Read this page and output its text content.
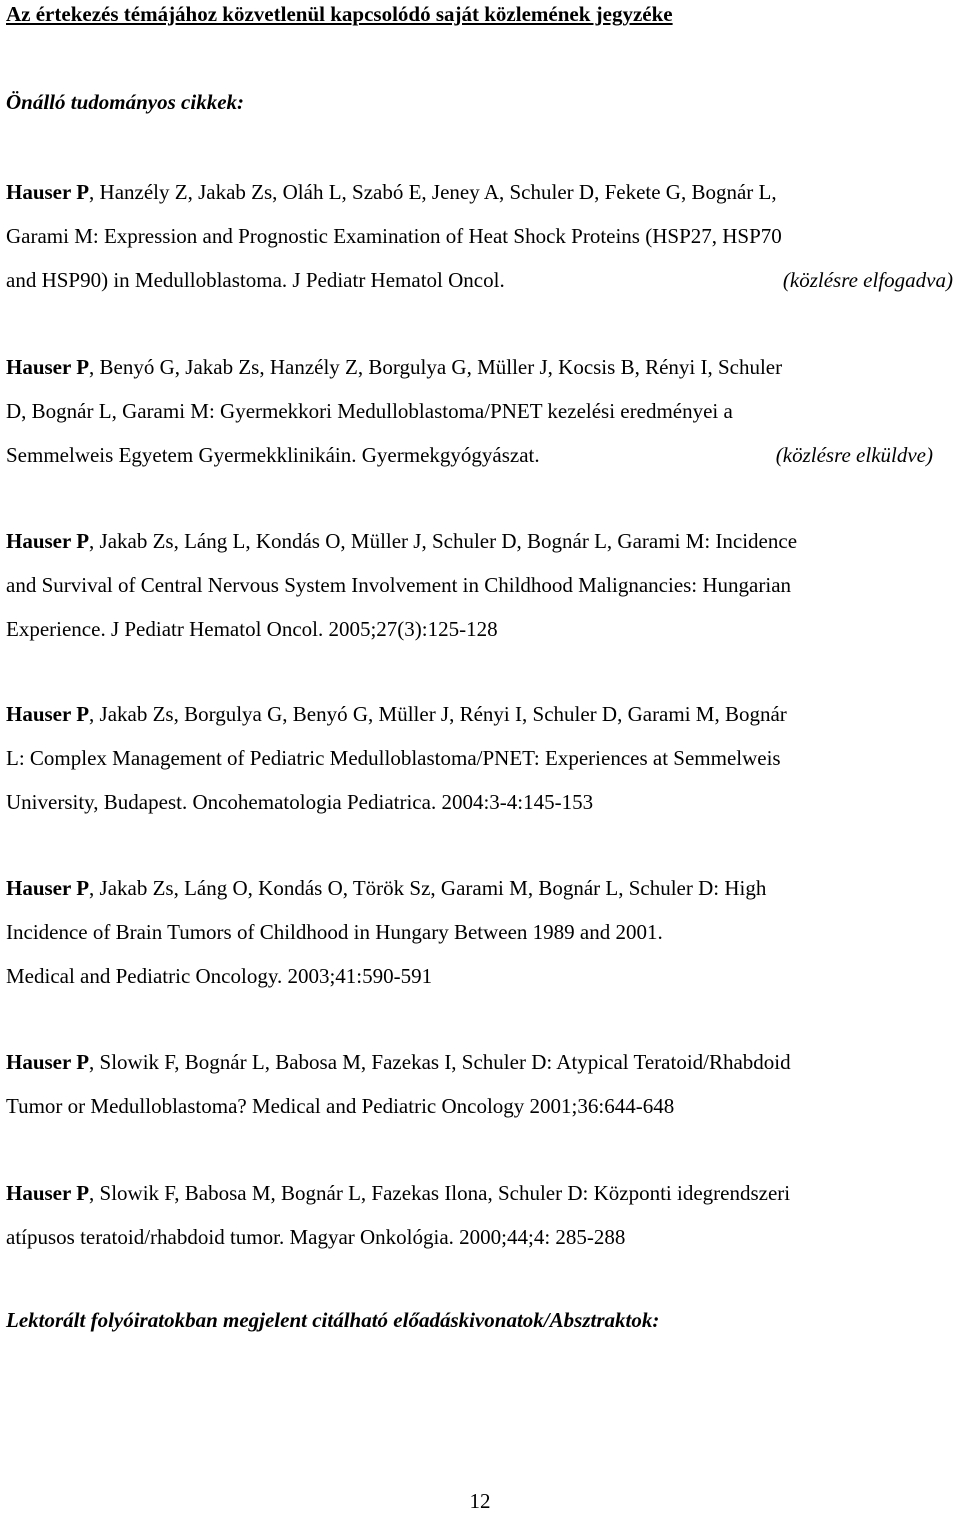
Az értekezés témájához közvetlenül kapcsolódó saját közlemének jegyzéke
Önálló tudományos cikkek:
Hauser P, Hanzély Z, Jakab Zs, Oláh L, Szabó E, Jeney A, Schuler D, Fekete G, Bognár L,
Garami M: Expression and Prognostic Examination of Heat Shock Proteins (HSP27, HSP70
and HSP90) in Medulloblastoma. J Pediatr Hematol Oncol.	(közlésre elfogadva)
Hauser P, Benyó G, Jakab Zs, Hanzély Z, Borgulya G, Müller J, Kocsis B, Rényi I, Schuler
D, Bognár L, Garami M: Gyermekkori Medulloblastoma/PNET kezelési eredményei a
Semmelweis Egyetem Gyermekklinikáin. Gyermekgyógyászat.	(közlésre elküldve)
Hauser P, Jakab Zs, Láng L, Kondás O, Müller J, Schuler D, Bognár L, Garami M: Incidence
and Survival of Central Nervous System Involvement in Childhood Malignancies: Hungarian
Experience. J Pediatr Hematol Oncol. 2005;27(3):125-128
Hauser P, Jakab Zs, Borgulya G, Benyó G, Müller J, Rényi I, Schuler D, Garami M, Bognár
L: Complex Management of Pediatric Medulloblastoma/PNET: Experiences at Semmelweis
University, Budapest. Oncohematologia Pediatrica. 2004:3-4:145-153
Hauser P, Jakab Zs, Láng O, Kondás O, Török Sz, Garami M, Bognár L, Schuler D: High
Incidence of Brain Tumors of Childhood in Hungary Between 1989 and 2001.
Medical and Pediatric Oncology. 2003;41:590-591
Hauser P, Slowik F, Bognár L, Babosa M, Fazekas I, Schuler D: Atypical Teratoid/Rhabdoid
Tumor or Medulloblastoma? Medical and Pediatric Oncology 2001;36:644-648
Hauser P, Slowik F, Babosa M, Bognár L, Fazekas Ilona, Schuler D: Központi idegrendszeri
atípusos teratoid/rhabdoid tumor. Magyar Onkológia. 2000;44;4: 285-288
Lektorált folyóiratokban megjelent citálható előadáskivonatok/Absztraktok:
12
